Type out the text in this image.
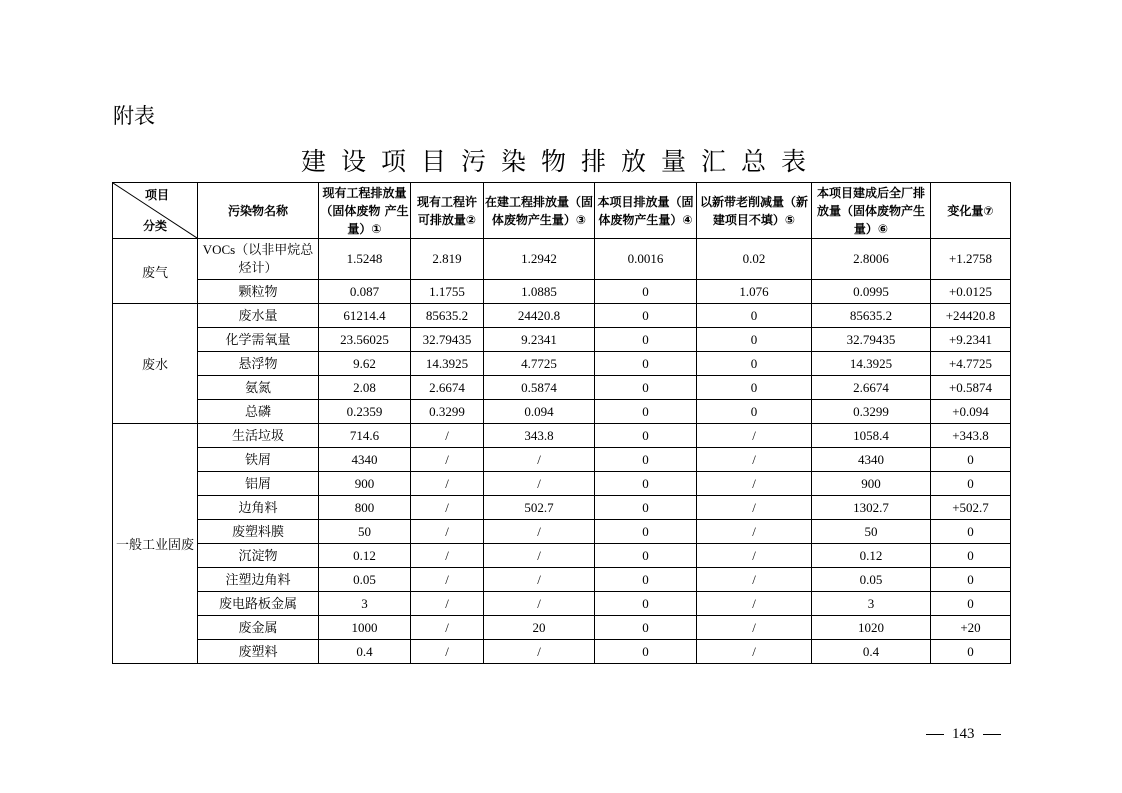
附表
建设项目污染物排放量汇总表
项目
分类	污染物名称	现有工程排放量（固体废物 产生量）①	现有工程许可排放量②	在建工程排放量（固体废物产生量）③	本项目排放量（固体废物产生量）④	以新带老削减量（新建项目不填）⑤	本项目建成后全厂排放量（固体废物产生量）⑥	变化量⑦
废气	VOCs（以非甲烷总烃计）	1.5248	2.819	1.2942	0.0016	0.02	2.8006	+1.2758
	颗粒物	0.087	1.1755	1.0885	0	1.076	0.0995	+0.0125
废水	废水量	61214.4	85635.2	24420.8	0	0	85635.2	+24420.8
	化学需氧量	23.56025	32.79435	9.2341	0	0	32.79435	+9.2341
	悬浮物	9.62	14.3925	4.7725	0	0	14.3925	+4.7725
	氨氮	2.08	2.6674	0.5874	0	0	2.6674	+0.5874
	总磷	0.2359	0.3299	0.094	0	0	0.3299	+0.094
一般工业固废	生活垃圾	714.6	/	343.8	0	/	1058.4	+343.8
	铁屑	4340	/	/	0	/	4340	0
	铝屑	900	/	/	0	/	900	0
	边角料	800	/	502.7	0	/	1302.7	+502.7
	废塑料膜	50	/	/	0	/	50	0
	沉淀物	0.12	/	/	0	/	0.12	0
	注塑边角料	0.05	/	/	0	/	0.05	0
	废电路板金属	3	/	/	0	/	3	0
	废金属	1000	/	20	0	/	1020	+20
	废塑料	0.4	/	/	0	/	0.4	0
143
